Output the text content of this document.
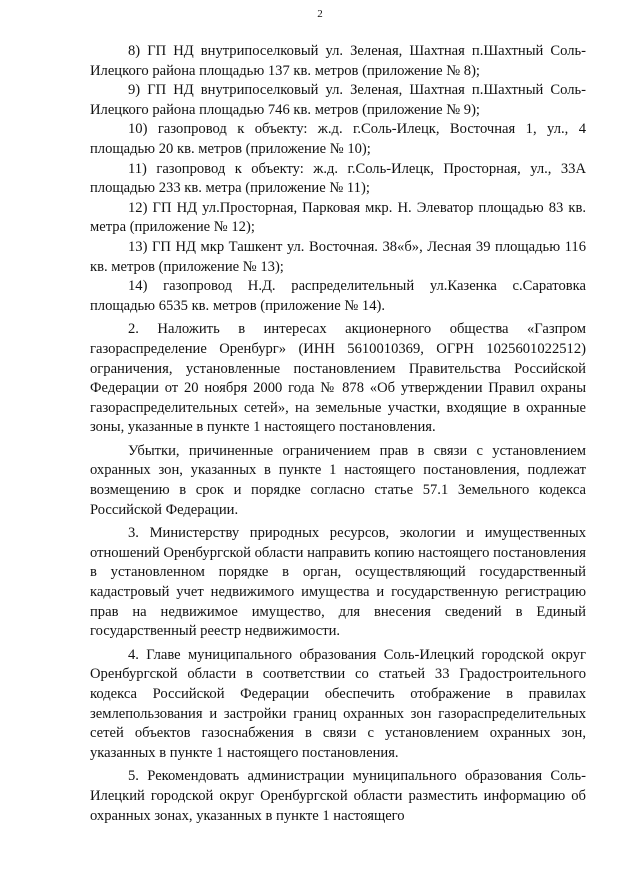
2

8) ГП НД внутрипоселковый ул. Зеленая, Шахтная п.Шахтный Соль-Илецкого района площадью 137 кв. метров (приложение № 8);

9) ГП НД внутрипоселковый ул. Зеленая, Шахтная п.Шахтный Соль-Илецкого района площадью 746 кв. метров (приложение № 9);

10) газопровод к объекту: ж.д. г.Соль-Илецк, Восточная 1, ул., 4 площадью 20 кв. метров (приложение № 10);

11) газопровод к объекту: ж.д. г.Соль-Илецк, Просторная, ул., 33А площадью 233 кв. метра (приложение № 11);

12) ГП НД ул.Просторная, Парковая мкр. Н. Элеватор площадью 83 кв. метра (приложение № 12);

13) ГП НД мкр Ташкент ул. Восточная. 38«б», Лесная 39 площадью 116 кв. метров (приложение № 13);

14) газопровод Н.Д. распределительный ул.Казенка с.Саратовка площадью 6535 кв. метров (приложение № 14).

2. Наложить в интересах акционерного общества «Газпром газораспределение Оренбург» (ИНН 5610010369, ОГРН 1025601022512) ограничения, установленные постановлением Правительства Российской Федерации от 20 ноября 2000 года № 878 «Об утверждении Правил охраны газораспределительных сетей», на земельные участки, входящие в охранные зоны, указанные в пункте 1 настоящего постановления.

Убытки, причиненные ограничением прав в связи с установлением охранных зон, указанных в пункте 1 настоящего постановления, подлежат возмещению в срок и порядке согласно статье 57.1 Земельного кодекса Российской Федерации.

3. Министерству природных ресурсов, экологии и имущественных отношений Оренбургской области направить копию настоящего постановления в установленном порядке в орган, осуществляющий государственный кадастровый учет недвижимого имущества и государственную регистрацию прав на недвижимое имущество, для внесения сведений в Единый государственный реестр недвижимости.

4. Главе муниципального образования Соль-Илецкий городской округ Оренбургской области в соответствии со статьей 33 Градостроительного кодекса Российской Федерации обеспечить отображение в правилах землепользования и застройки границ охранных зон газораспределительных сетей объектов газоснабжения в связи с установлением охранных зон, указанных в пункте 1 настоящего постановления.

5. Рекомендовать администрации муниципального образования Соль-Илецкий городской округ Оренбургской области разместить информацию об охранных зонах, указанных в пункте 1 настоящего
